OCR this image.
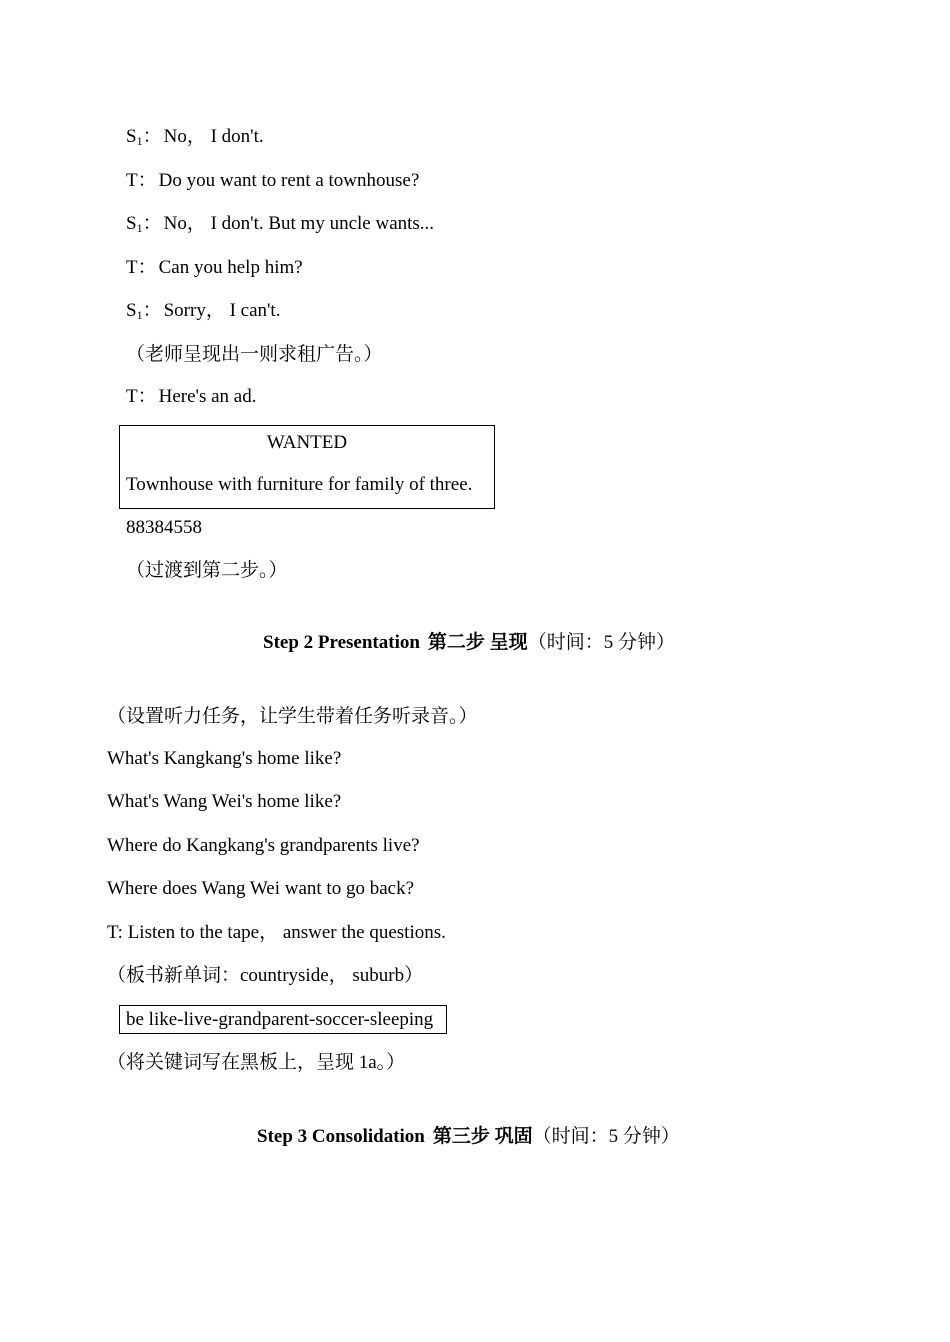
$S_1$： No， I don't.
T： Do you want to rent a townhouse?
$S_1$： No， I don't. But my uncle wants...
T： Can you help him?
$S_1$： Sorry， I can't.
（老师呈现出一则求租广告。）
T： Here's an ad.
WANTED
Townhouse with furniture for family of three.
88384558
（过渡到第二步。）
Step 2 Presentation 第二步 呈现（时间：5 分钟）
（设置听力任务，让学生带着任务听录音。）
What's Kangkang's home like?
What's Wang Wei's home like?
Where do Kangkang's grandparents live?
Where does Wang Wei want to go back?
T: Listen to the tape， answer the questions.
（板书新单词：countryside， suburb）
be like-live-grandparent-soccer-sleeping
（将关键词写在黑板上，呈现 1a。）
Step 3 Consolidation 第三步 巩固（时间：5 分钟）
